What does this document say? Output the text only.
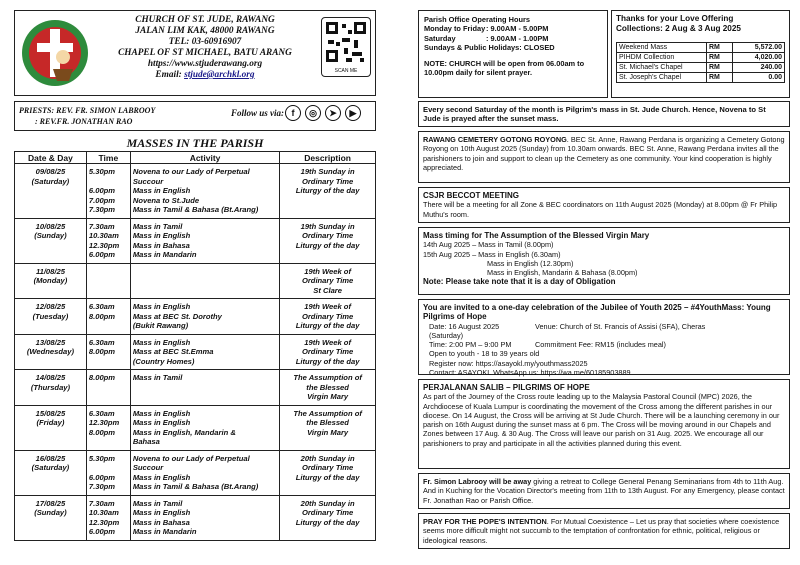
CHURCH OF ST. JUDE, RAWANG
JALAN LIM KAK, 48000 RAWANG
TEL: 03-60916907
CHAPEL OF ST MICHAEL, BATU ARANG
https://www.stjuderawang.org
Email: stjude@archkl.org	SCAN ME
PRIESTS: REV. FR. SIMON LABROOY
: REV.FR. JONATHAN RAO
Follow us via: f	◎	➤	▶
MASSES IN THE PARISH
Date & Day	Time	Activity	Description

09/08/25
(Saturday)	5.30pm

6.00pm
7.00pm
7.30pm	Novena to our Lady of Perpetual
Succour
Mass in English
Novena to St.Jude
Mass in Tamil & Bahasa (Bt.Arang)	19th Sunday in
Ordinary Time
Liturgy of the day

10/08/25
(Sunday)	7.30am
10.30am
12.30pm
6.00pm	Mass in Tamil
Mass in English
Mass in Bahasa
Mass in Mandarin	19th Sunday in
Ordinary Time
Liturgy of the day

11/08/25
(Monday)			19th Week of
Ordinary Time
St Clare

12/08/25
(Tuesday)	6.30am
8.00pm	Mass in English
Mass at BEC St. Dorothy
(Bukit Rawang)	19th Week of
Ordinary Time
Liturgy of the day

13/08/25
(Wednesday)	6.30am
8.00pm	Mass in English
Mass at BEC St.Emma
(Country Homes)	19th Week of
Ordinary Time
Liturgy of the day

14/08/25
(Thursday)	8.00pm	Mass in Tamil	The Assumption of
the Blessed
Virgin Mary

15/08/25
(Friday)	6.30am
12.30pm
8.00pm	Mass in English
Mass in English
Mass in English, Mandarin &
Bahasa	The Assumption of
the Blessed
Virgin Mary

16/08/25
(Saturday)	5.30pm

6.00pm
7.30pm	Novena to our Lady of Perpetual
Succour
Mass in English
Mass in Tamil & Bahasa (Bt.Arang)	20th Sunday in
Ordinary Time
Liturgy of the day

17/08/25
(Sunday)	7.30am
10.30am
12.30pm
6.00pm	Mass in Tamil
Mass in English
Mass in Bahasa
Mass in Mandarin	20th Sunday in
Ordinary Time
Liturgy of the day
Parish Office Operating Hours
Monday to Friday : 9.00AM - 5.00PM
Saturday	: 9.00AM - 1.00PM
Sundays & Public Holidays: CLOSED
NOTE: CHURCH will be open from 06.00am to 10.00pm daily for silent prayer.
Thanks for your Love Offering
Collections: 2 Aug & 3 Aug 2025
Weekend Mass	RM	5,572.00
PIHDM Collection	RM	4,020.00
St. Michael's Chapel	RM	240.00
St. Joseph's Chapel	RM	0.00
Every second Saturday of the month is Pilgrim's mass in St. Jude Church. Hence, Novena to St Jude is prayed after the sunset mass.
RAWANG CEMETERY GOTONG ROYONG. BEC St. Anne, Rawang Perdana is organizing a Cemetery Gotong Royong on 10th August 2025 (Sunday) from 10.30am onwards. BEC St. Anne, Rawang Perdana invites all the parishioners to join and support to clean up the Cemetery as one community. Your kind cooperation is highly appreciated.
CSJR BECCOT MEETING
There will be a meeting for all Zone & BEC coordinators on 11th August 2025 (Monday) at 8.00pm @ Fr Philip Muthu's room.
Mass timing for The Assumption of the Blessed Virgin Mary
14th Aug 2025 – Mass in Tamil (8.00pm)
15th Aug 2025 – Mass in English (6.30am)
Mass in English (12.30pm)
Mass in English, Mandarin & Bahasa (8.00pm)
Note: Please take note that it is a day of Obligation
You are invited to a one-day celebration of the Jubilee of Youth 2025 – #4YouthMass: Young Pilgrims of Hope
Date: 16 August 2025 (Saturday)
Venue: Church of St. Francis of Assisi (SFA), Cheras
Time: 2:00 PM – 9:00 PM	Commitment Fee: RM15 (includes meal)
Open to youth - 18 to 39 years old
Register now: https://asayokl.my/youthmass2025
Contact: ASAYOKL WhatsApp us: https://wa.me/60185903889
PERJALANAN SALIB – PILGRIMS OF HOPE
As part of the Journey of the Cross route leading up to the Malaysia Pastoral Council (MPC) 2026, the Archdiocese of Kuala Lumpur is coordinating the movement of the Cross among the different parishes in our diocese. On 14 August, the Cross will be arriving at St Jude Church. There will be a launching ceremony in our parish on 16th August during the sunset mass at 6 pm. The Cross will be moving around in our Chapels and Zones between 17 Aug. & 30 Aug. The Cross will leave our parish on 31 Aug. 2025. We encourage all our parishioners to pray and participate in all the activities planned during this event.
Fr. Simon Labrooy will be away giving a retreat to College General Penang Seminarians from 4th to 11th Aug. And in Kuching for the Vocation Director's meeting from 11th to 13th August. For any Emergency, please contact Fr. Jonathan Rao or Parish Office.
PRAY FOR THE POPE'S INTENTION. For Mutual Coexistence – Let us pray that societies where coexistence seems more difficult might not succumb to the temptation of confrontation for ethnic, political, religious or ideological reasons.
